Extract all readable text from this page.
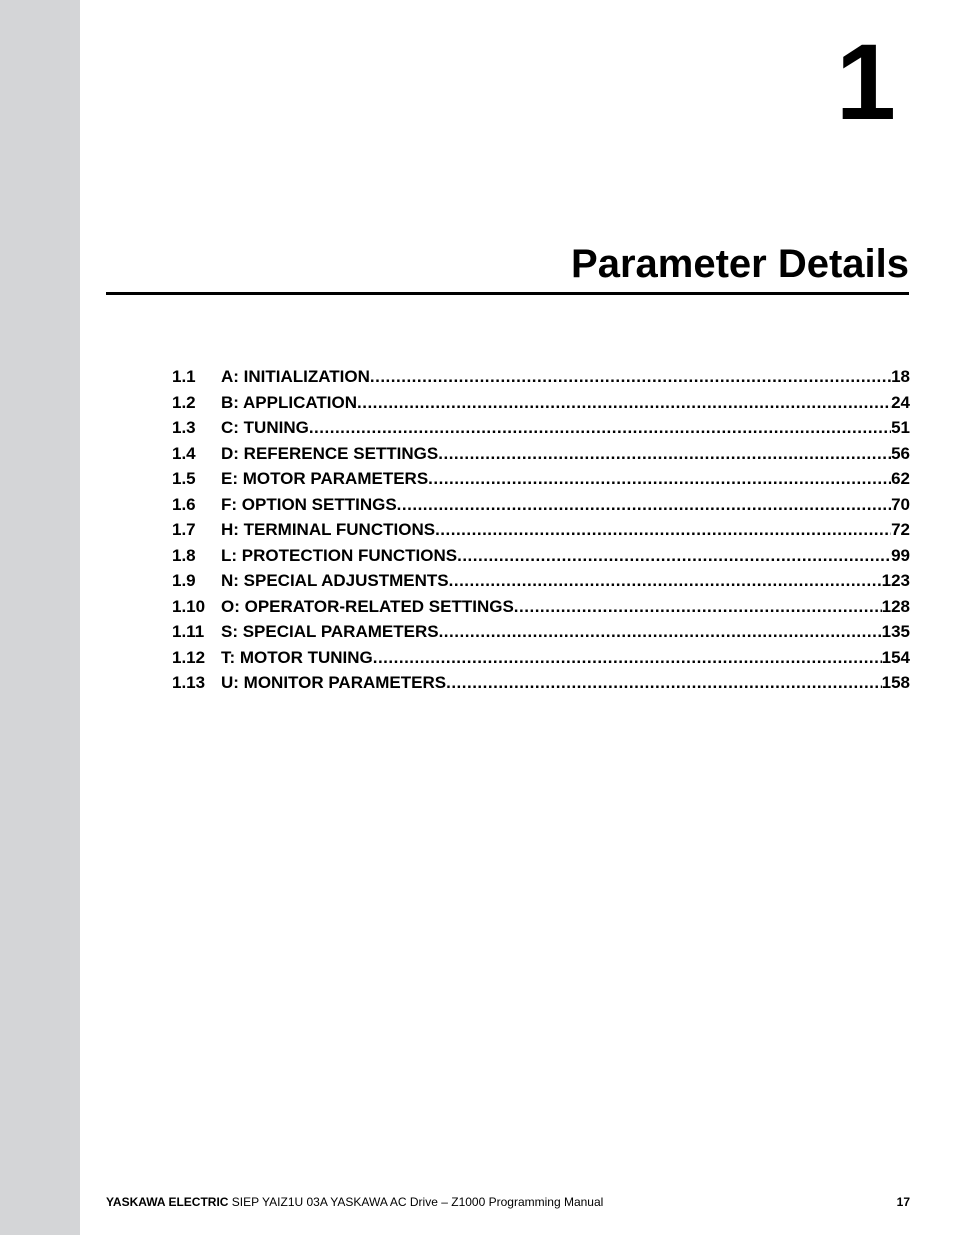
1
Parameter Details
1.1	A: INITIALIZATION .....	18
1.2	B: APPLICATION .....	24
1.3	C: TUNING .....	51
1.4	D: REFERENCE SETTINGS .....	56
1.5	E: MOTOR PARAMETERS .....	62
1.6	F: OPTION SETTINGS .....	70
1.7	H: TERMINAL FUNCTIONS .....	72
1.8	L: PROTECTION FUNCTIONS .....	99
1.9	N: SPECIAL ADJUSTMENTS .....	123
1.10 O: OPERATOR-RELATED SETTINGS .....	128
1.11 S: SPECIAL PARAMETERS .....	135
1.12 T: MOTOR TUNING .....	154
1.13 U: MONITOR PARAMETERS .....	158
YASKAWA ELECTRIC SIEP YAIZ1U 03A YASKAWA AC Drive – Z1000 Programming Manual	17
